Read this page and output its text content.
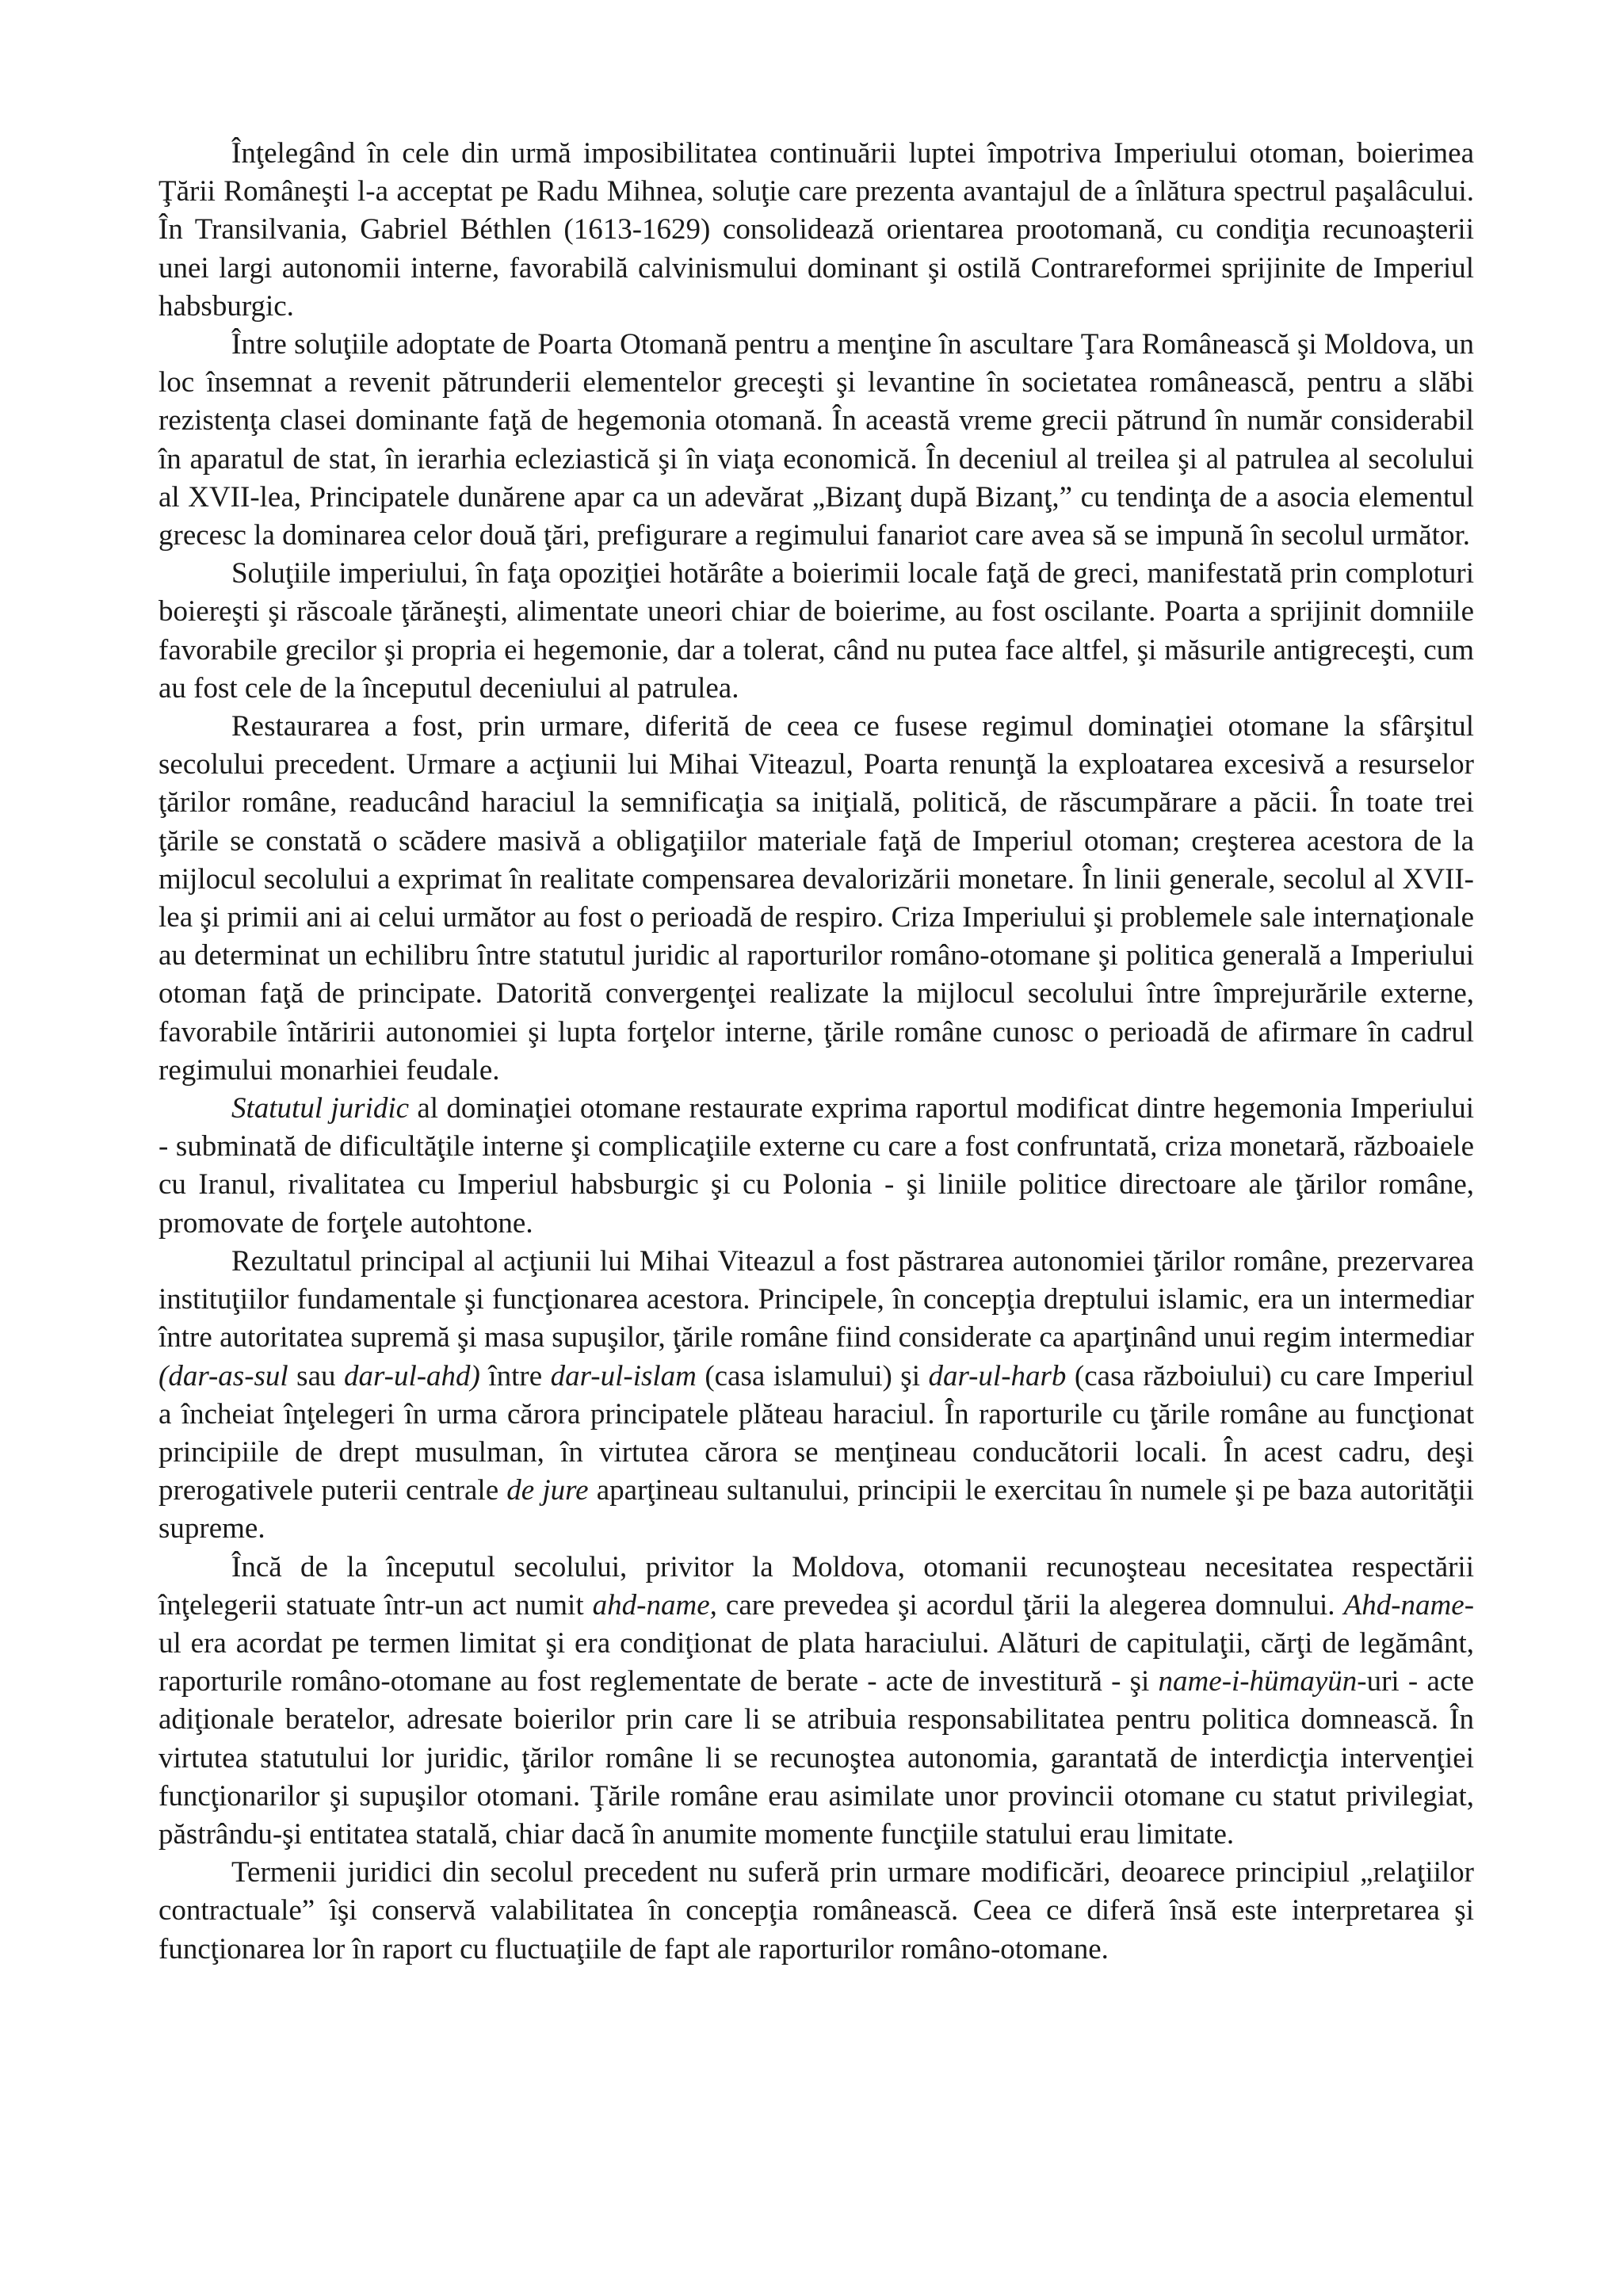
Înţelegând în cele din urmă imposibilitatea continuării luptei împotriva Imperiului otoman, boierimea Ţării Româneşti l-a acceptat pe Radu Mihnea, soluţie care prezenta avantajul de a înlătura spectrul paşalâcului. În Transilvania, Gabriel Béthlen (1613-1629) consolidează orientarea prootomană, cu condiţia recunoaşterii unei largi autonomii interne, favorabilă calvinismului dominant şi ostilă Contrareformei sprijinite de Imperiul habsburgic.

Între soluţiile adoptate de Poarta Otomană pentru a menţine în ascultare Ţara Românească şi Moldova, un loc însemnat a revenit pătrunderii elementelor greceşti şi levantine în societatea românească, pentru a slăbi rezistenţa clasei dominante faţă de hegemonia otomană. În această vreme grecii pătrund în număr considerabil în aparatul de stat, în ierarhia ecleziastică şi în viaţa economică. În deceniul al treilea şi al patrulea al secolului al XVII-lea, Principatele dunărene apar ca un adevărat „Bizanţ după Bizanţ,” cu tendinţa de a asocia elementul grecesc la dominarea celor două ţări, prefigurare a regimului fanariot care avea să se impună în secolul următor.

Soluţiile imperiului, în faţa opoziţiei hotărâte a boierimii locale faţă de greci, manifestată prin comploturi boiereşti şi răscoale ţărăneşti, alimentate uneori chiar de boierime, au fost oscilante. Poarta a sprijinit domniile favorabile grecilor şi propria ei hegemonie, dar a tolerat, când nu putea face altfel, şi măsurile antigreceşti, cum au fost cele de la începutul deceniului al patrulea.

Restaurarea a fost, prin urmare, diferită de ceea ce fusese regimul dominaţiei otomane la sfârşitul secolului precedent. Urmare a acţiunii lui Mihai Viteazul, Poarta renunţă la exploatarea excesivă a resurselor ţărilor române, readucând haraciul la semnificaţia sa iniţială, politică, de răscumpărare a păcii. În toate trei ţările se constată o scădere masivă a obligaţiilor materiale faţă de Imperiul otoman; creşterea acestora de la mijlocul secolului a exprimat în realitate compensarea devalorizării monetare. În linii generale, secolul al XVII-lea şi primii ani ai celui următor au fost o perioadă de respiro. Criza Imperiului şi problemele sale internaţionale au determinat un echilibru între statutul juridic al raporturilor româno-otomane şi politica generală a Imperiului otoman faţă de principate. Datorită convergenţei realizate la mijlocul secolului între împrejurările externe, favorabile întăririi autonomiei şi lupta forţelor interne, ţările române cunosc o perioadă de afirmare în cadrul regimului monarhiei feudale.

Statutul juridic al dominaţiei otomane restaurate exprima raportul modificat dintre hegemonia Imperiului - subminată de dificultăţile interne şi complicaţiile externe cu care a fost confruntată, criza monetară, războaiele cu Iranul, rivalitatea cu Imperiul habsburgic şi cu Polonia - şi liniile politice directoare ale ţărilor române, promovate de forţele autohtone.

Rezultatul principal al acţiunii lui Mihai Viteazul a fost păstrarea autonomiei ţărilor române, prezervarea instituţiilor fundamentale şi funcţionarea acestora. Principele, în concepţia dreptului islamic, era un intermediar între autoritatea supremă şi masa supuşilor, ţările române fiind considerate ca aparţinând unui regim intermediar (dar-as-sul sau dar-ul-ahd) între dar-ul-islam (casa islamului) şi dar-ul-harb (casa războiului) cu care Imperiul a încheiat înţelegeri în urma cărora principatele plăteau haraciul. În raporturile cu ţările române au funcţionat principiile de drept musulman, în virtutea cărora se menţineau conducătorii locali. În acest cadru, deşi prerogativele puterii centrale de jure aparţineau sultanului, principii le exercitau în numele şi pe baza autorităţii supreme.

Încă de la începutul secolului, privitor la Moldova, otomanii recunoşteau necesitatea respectării înţelegerii statuate într-un act numit ahd-name, care prevedea şi acordul ţării la alegerea domnului. Ahd-name-ul era acordat pe termen limitat şi era condiţionat de plata haraciului. Alături de capitulaţii, cărţi de legământ, raporturile româno-otomane au fost reglementate de berate - acte de investitură - şi name-i-hümayün-uri - acte adiţionale beratelor, adresate boierilor prin care li se atribuia responsabilitatea pentru politica domnească. În virtutea statutului lor juridic, ţărilor române li se recunoştea autonomia, garantată de interdicţia intervenţiei funcţionarilor şi supuşilor otomani. Ţările române erau asimilate unor provincii otomane cu statut privilegiat, păstrându-şi entitatea statală, chiar dacă în anumite momente funcţiile statului erau limitate.

Termenii juridici din secolul precedent nu suferă prin urmare modificări, deoarece principiul „relaţiilor contractuale” îşi conservă valabilitatea în concepţia românească. Ceea ce diferă însă este interpretarea şi funcţionarea lor în raport cu fluctuaţiile de fapt ale raporturilor româno-otomane.
